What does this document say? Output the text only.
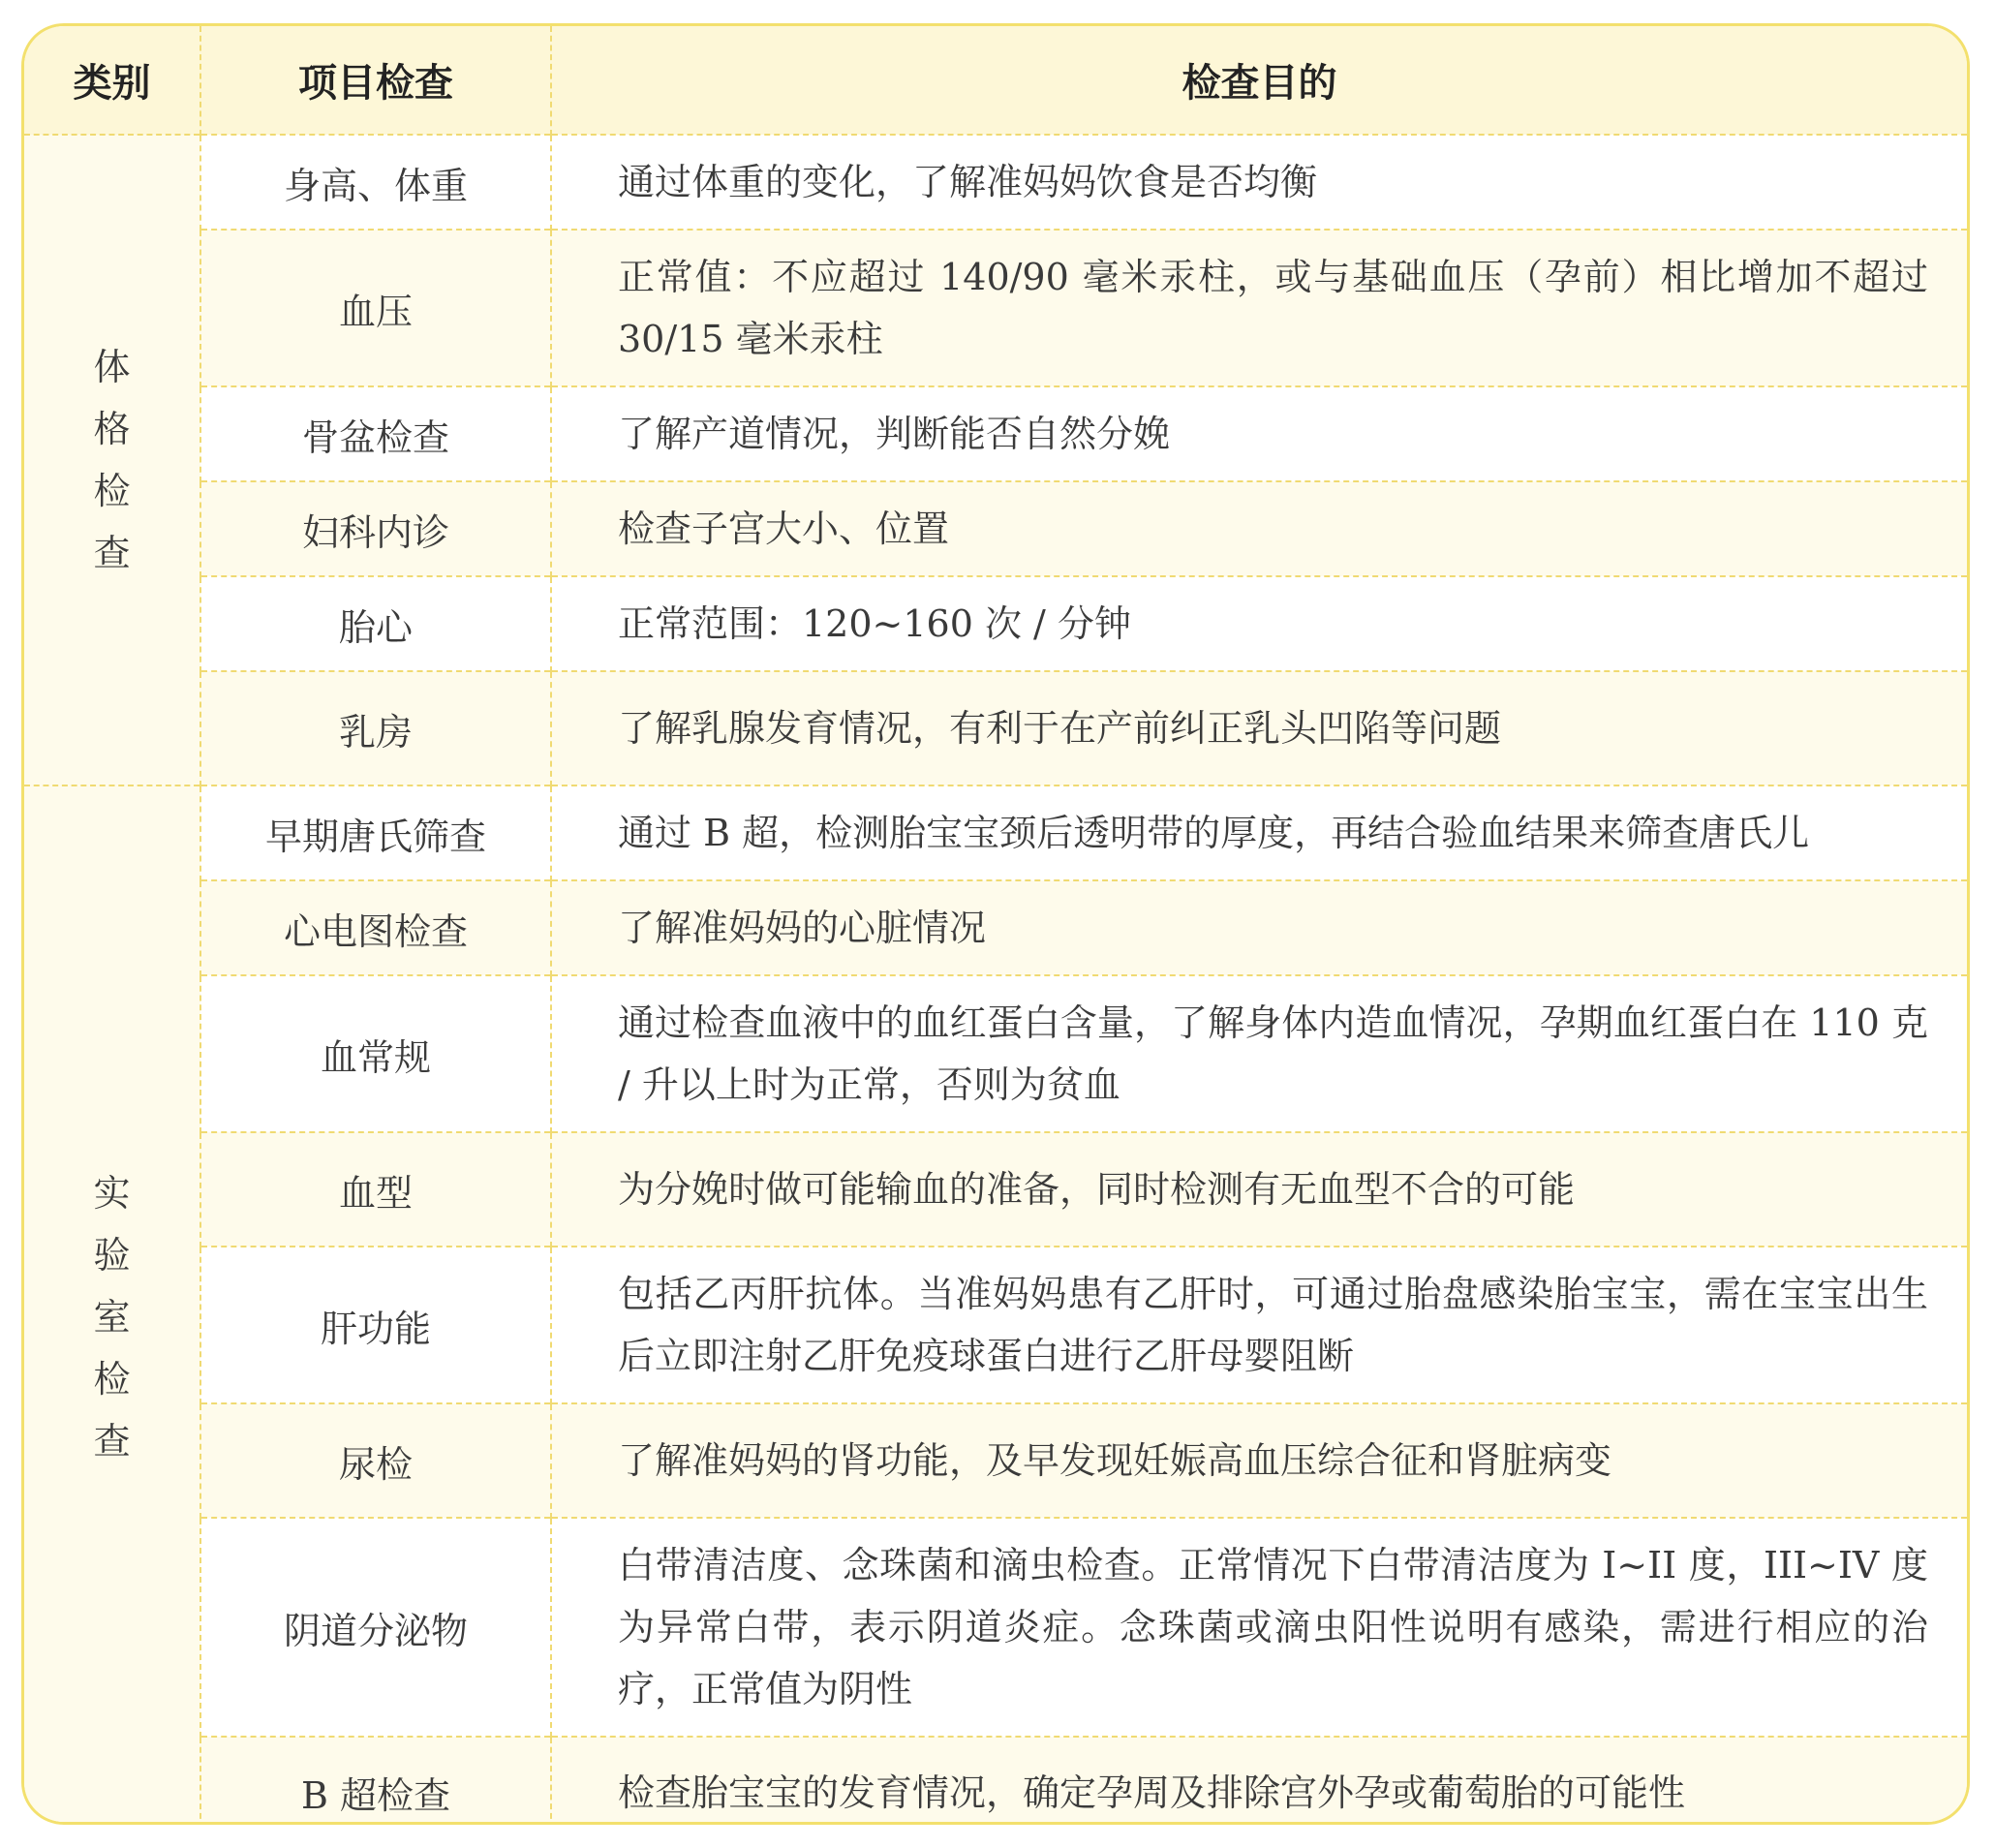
类别	项目检查	检查目的
体格检查	身高、体重	通过体重的变化，了解准妈妈饮食是否均衡
	血压	正常值：不应超过 140/90 毫米汞柱，或与基础血压（孕前）相比增加不超过 30/15 毫米汞柱
	骨盆检查	了解产道情况，判断能否自然分娩
	妇科内诊	检查子宫大小、位置
	胎心	正常范围：120~160 次 / 分钟
	乳房	了解乳腺发育情况，有利于在产前纠正乳头凹陷等问题
实验室检查	早期唐氏筛查	通过 B 超，检测胎宝宝颈后透明带的厚度，再结合验血结果来筛查唐氏儿
	心电图检查	了解准妈妈的心脏情况
	血常规	通过检查血液中的血红蛋白含量，了解身体内造血情况，孕期血红蛋白在 110 克 / 升以上时为正常，否则为贫血
	血型	为分娩时做可能输血的准备，同时检测有无血型不合的可能
	肝功能	包括乙丙肝抗体。当准妈妈患有乙肝时，可通过胎盘感染胎宝宝，需在宝宝出生后立即注射乙肝免疫球蛋白进行乙肝母婴阻断
	尿检	了解准妈妈的肾功能，及早发现妊娠高血压综合征和肾脏病变
	阴道分泌物	白带清洁度、念珠菌和滴虫检查。正常情况下白带清洁度为 I~II 度，III~IV 度为异常白带，表示阴道炎症。念珠菌或滴虫阳性说明有感染，需进行相应的治疗，正常值为阴性
	B 超检查	检查胎宝宝的发育情况，确定孕周及排除宫外孕或葡萄胎的可能性
